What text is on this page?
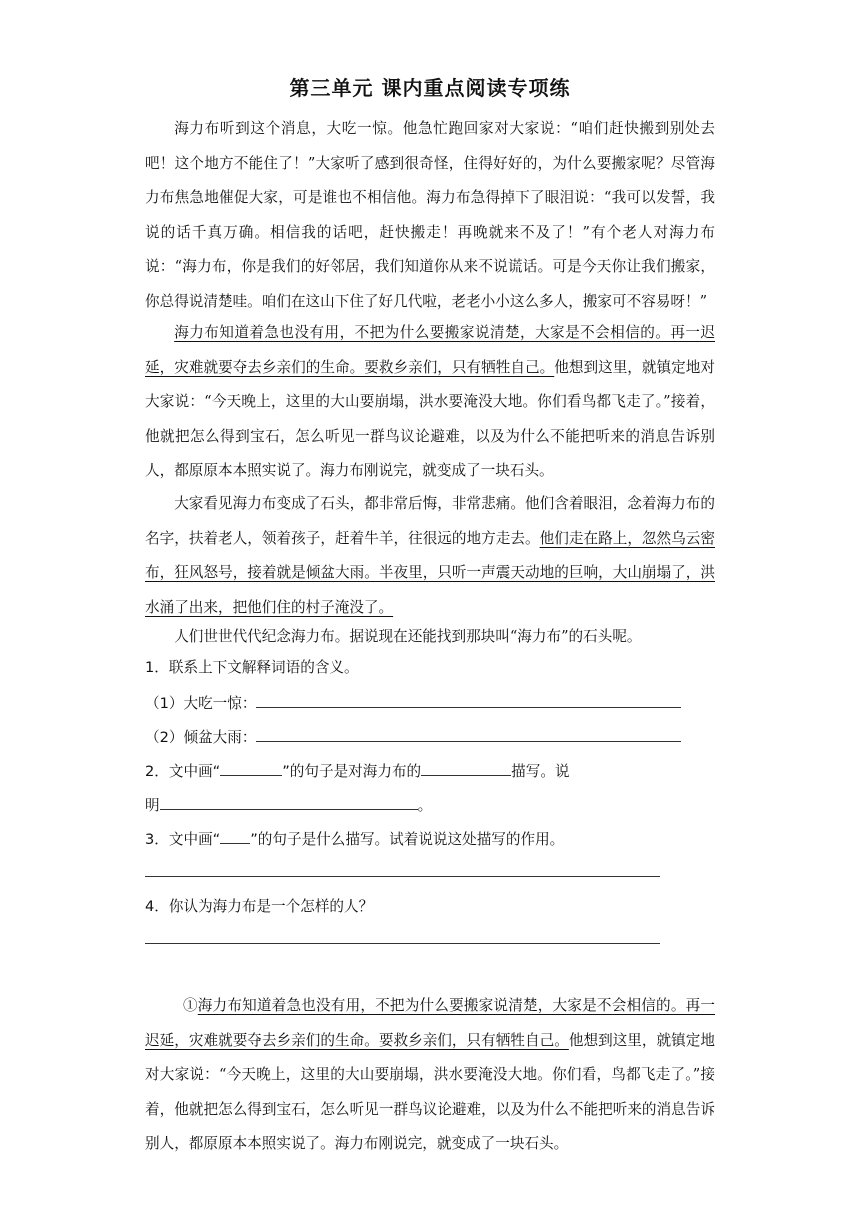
第三单元 课内重点阅读专项练

海力布听到这个消息，大吃一惊。他急忙跑回家对大家说：“咱们赶快搬到别处去吧！这个地方不能住了！”大家听了感到很奇怪，住得好好的，为什么要搬家呢？尽管海力布焦急地催促大家，可是谁也不相信他。海力布急得掉下了眼泪说：“我可以发誓，我说的话千真万确。相信我的话吧，赶快搬走！再晚就来不及了！”有个老人对海力布说：“海力布，你是我们的好邻居，我们知道你从来不说谎话。可是今天你让我们搬家，你总得说清楚哇。咱们在这山下住了好几代啦，老老小小这么多人，搬家可不容易呀！”

海力布知道着急也没有用，不把为什么要搬家说清楚，大家是不会相信的。再一迟延，灾难就要夺去乡亲们的生命。要救乡亲们，只有牺牲自己。他想到这里，就镇定地对大家说：“今天晚上，这里的大山要崩塌，洪水要淹没大地。你们看鸟都飞走了。”接着，他就把怎么得到宝石，怎么听见一群鸟议论避难，以及为什么不能把听来的消息告诉别人，都原原本本照实说了。海力布刚说完，就变成了一块石头。

大家看见海力布变成了石头，都非常后悔，非常悲痛。他们含着眼泪，念着海力布的名字，扶着老人，领着孩子，赶着牛羊，往很远的地方走去。他们走在路上，忽然乌云密布，狂风怒号，接着就是倾盆大雨。半夜里，只听一声震天动地的巨响，大山崩塌了，洪水涌了出来，把他们住的村子淹没了。

人们世世代代纪念海力布。据说现在还能找到那块叫“海力布”的石头呢。

1．联系上下文解释词语的含义。
（1）大吃一惊：
（2）倾盆大雨：
2．文中画“	”的句子是对海力布的	描写。说
明	。
3．文中画“ ”的句子是什么描写。试着说说这处描写的作用。
4．你认为海力布是一个怎样的人？

①海力布知道着急也没有用，不把为什么要搬家说清楚，大家是不会相信的。再一迟延，灾难就要夺去乡亲们的生命。要救乡亲们，只有牺牲自己。他想到这里，就镇定地对大家说：“今天晚上，这里的大山要崩塌，洪水要淹没大地。你们看，鸟都飞走了。”接着，他就把怎么得到宝石，怎么听见一群鸟议论避难，以及为什么不能把听来的消息告诉别人，都原原本本照实说了。海力布刚说完，就变成了一块石头。
